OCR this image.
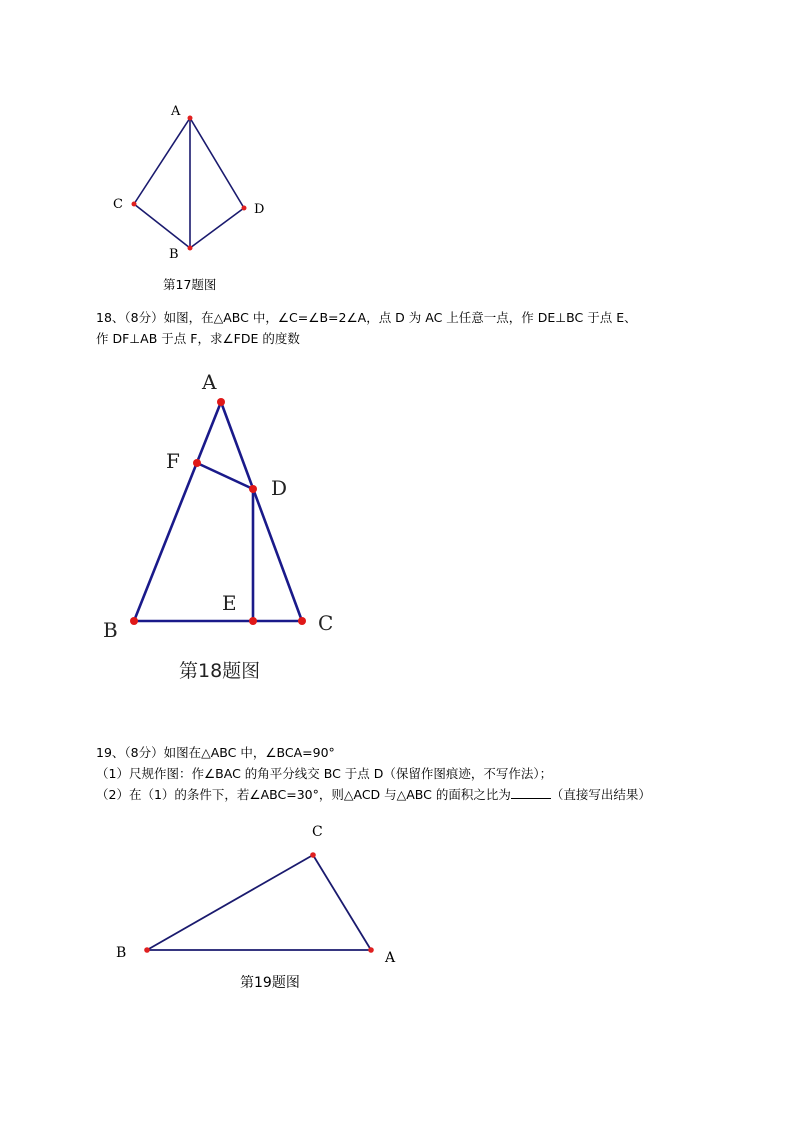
A
C
B
D
第17题图
18、（8分）如图，在△ABC 中，∠C=∠B=2∠A，点 D 为 AC 上任意一点，作 DE⊥BC 于点 E、
作 DF⊥AB 于点 F，求∠FDE 的度数
A
F
D
E
B	C
第18题图
19、（8分）如图在△ABC 中，∠BCA=90°
（1）尺规作图：作∠BAC 的角平分线交 BC 于点 D（保留作图痕迹，不写作法）；
（2）在（1）的条件下，若∠ABC=30°，则△ACD 与△ABC 的面积之比为	（直接写出结果）
C
B	A
第19题图
